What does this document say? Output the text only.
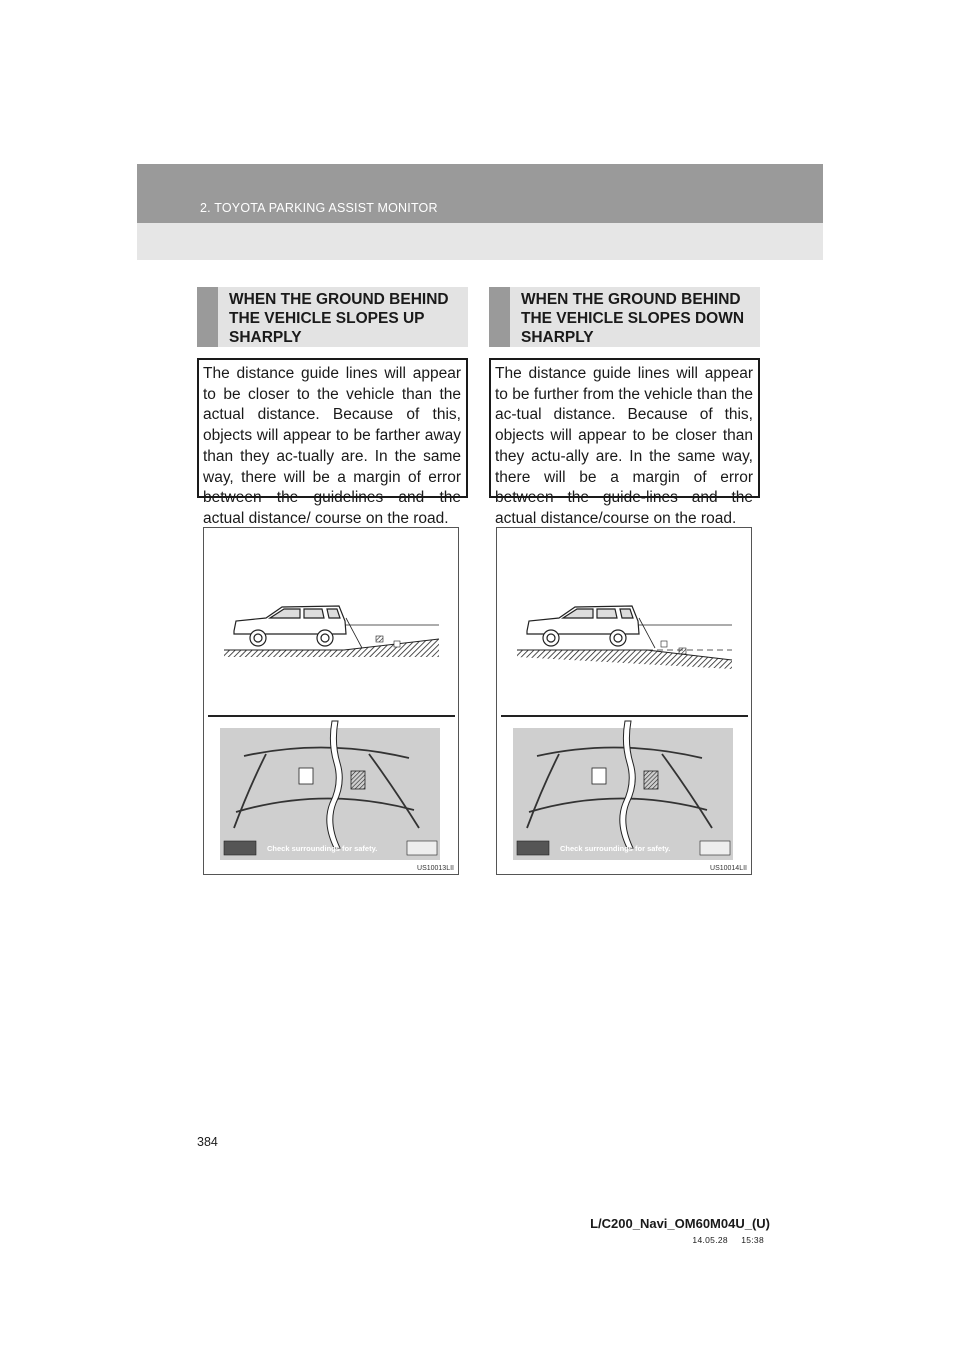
2. TOYOTA PARKING ASSIST MONITOR
WHEN THE GROUND BEHIND THE VEHICLE SLOPES UP SHARPLY
The distance guide lines will appear to be closer to the vehicle than the actual distance. Because of this, objects will appear to be farther away than they ac-tually are. In the same way, there will be a margin of error between the guidelines and the actual distance/ course on the road.
WHEN THE GROUND BEHIND THE VEHICLE SLOPES DOWN SHARPLY
The distance guide lines will appear to be further from the vehicle than the ac-tual distance. Because of this, objects will appear to be closer than they actu-ally are. In the same way, there will be a margin of error between the guide-lines and the actual distance/course on the road.
Check surroundings for safety.
US10013LII
Check surroundings for safety.
US10014LII
384
L/C200_Navi_OM60M04U_(U)
14.05.28     15:38
